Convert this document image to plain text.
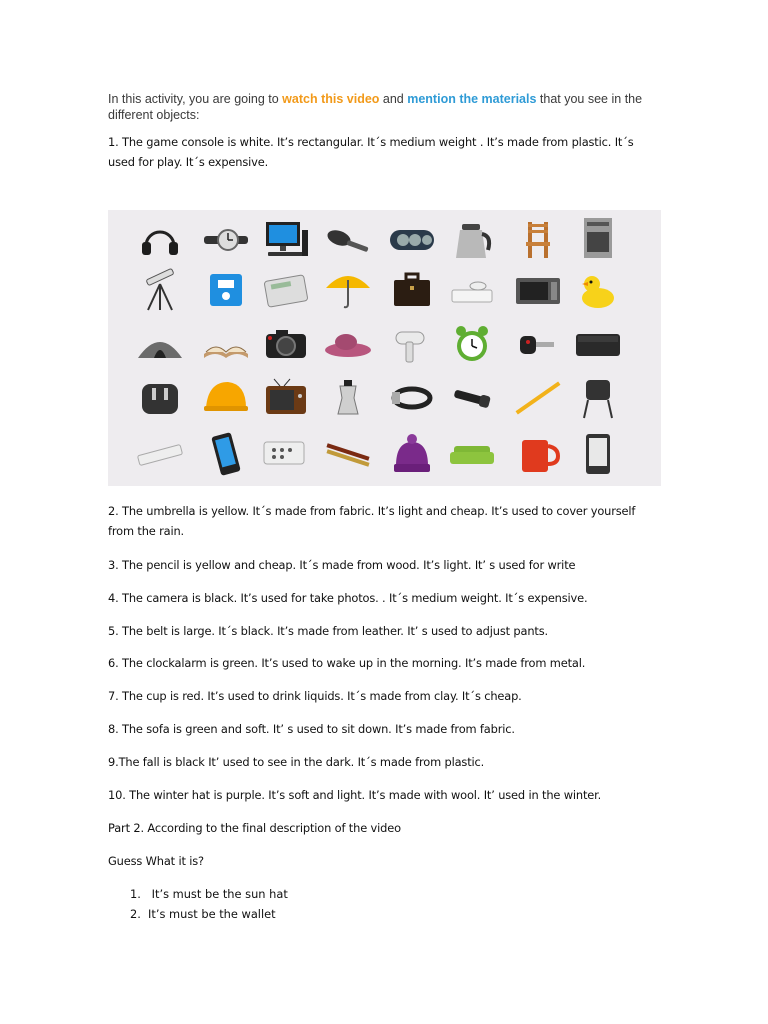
In this activity, you are going to watch this video and mention the materials that you see in the different objects:
1. The game console is white. It’s rectangular. It´s medium weight . It’s made from plastic. It´s used for play. It´s expensive.
2. The umbrella is yellow. It´s made from fabric. It’s light and cheap. It’s used to cover yourself from the rain.
3. The pencil is yellow and cheap. It´s made from wood. It’s light. It’ s used for write
4. The camera is black. It’s used for take photos. . It´s medium weight. It´s expensive.
5. The belt is large. It´s black. It’s made from leather. It’ s used to adjust pants.
6. The clockalarm is green. It’s used to wake up in the morning. It’s made from metal.
7. The cup is red. It’s used to drink liquids. It´s made from clay. It´s cheap.
8. The sofa is green and soft. It’ s used to sit down. It’s made from fabric.
9.The fall is black It’ used to see in the dark. It´s made from plastic.
10. The winter hat is purple. It’s soft and light. It’s made with wool. It’ used in the winter.
Part 2. According to the final description of the video
Guess What it is?
1. It’s must be the sun hat
2. It’s must be the wallet
